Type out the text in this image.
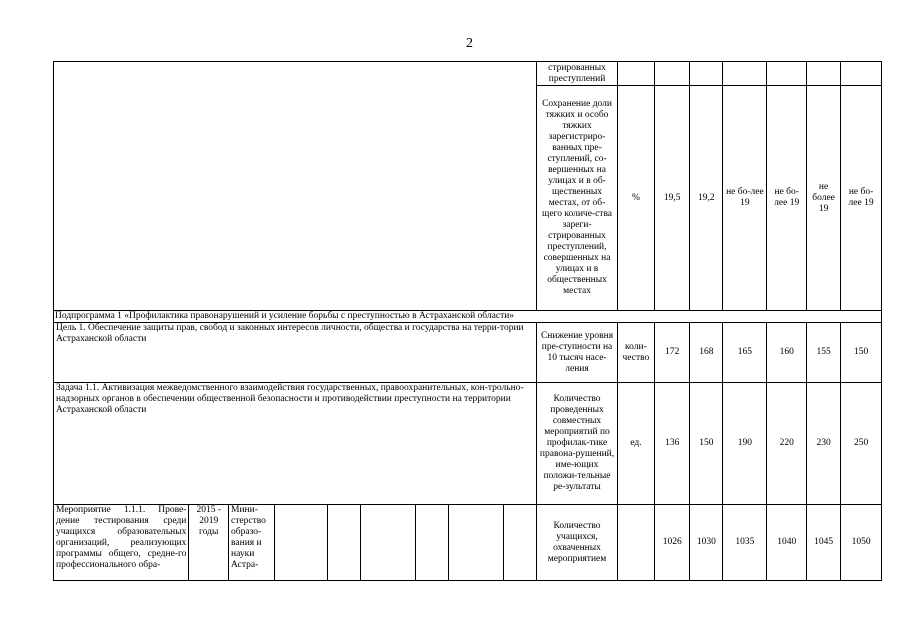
2
									стрированных преступлений							
									Сохранение доли тяжких и особо тяжких зарегистриро-ванных пре-ступлений, со-вершенных на улицах и в об-щественных местах, от об-щего количе-ства зареги-стрированных преступлений, совершенных на улицах и в общественных местах	%	19,5	19,2	не бо-лее 19	не бо-лее 19	не более 19	не бо-лее 19
Подпрограмма 1 «Профилактика правонарушений и усиление борьбы с преступностью в Астраханской области»																
Цель 1. Обеспечение защиты прав, свобод и законных интересов личности, общества и государства на терри-тории Астраханской области									Снижение уровня пре-ступности на 10 тысяч насе-ления	коли-чество	172	168	165	160	155	150
Задача 1.1. Активизация межведомственного взаимодействия государственных, правоохранительных, кон-трольно-надзорных органов в обеспечении общественной безопасности и противодействии преступности на территории Астраханской области									Количество проведенных совместных мероприятий по профилак-тике правона-рушений, име-ющих положи-тельные ре-зультаты	ед.	136	150	190	220	230	250
Мероприятие 1.1.1. Прове-дение тестирования среди учащихся образовательных организаций, реализующих программы общего, средне-го профессионального обра-	2015 - 2019 годы	Мини-стерство образо-вания и науки Астра-							Количество учащихся, охваченных мероприятием		1026	1030	1035	1040	1045	1050
